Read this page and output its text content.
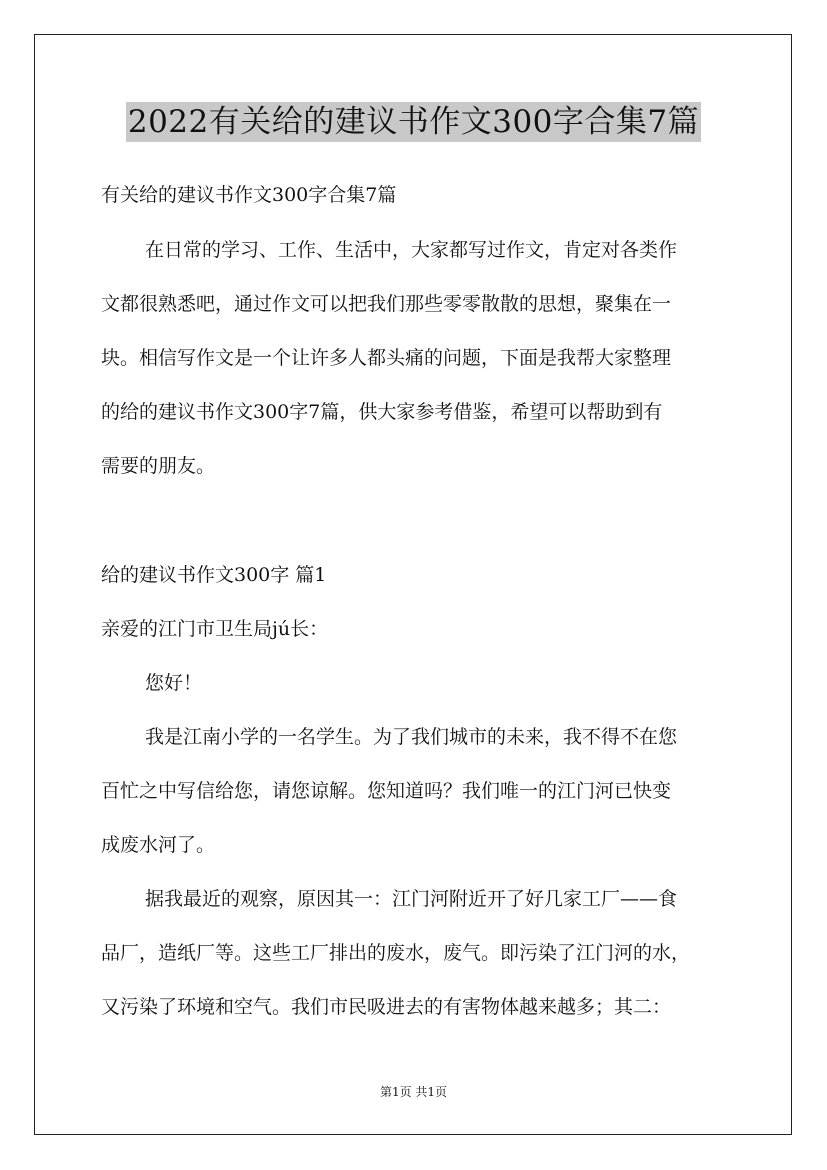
2022有关给的建议书作文300字合集7篇
有关给的建议书作文300字合集7篇
在日常的学习、工作、生活中，大家都写过作文，肯定对各类作
文都很熟悉吧，通过作文可以把我们那些零零散散的思想，聚集在一
块。相信写作文是一个让许多人都头痛的问题，下面是我帮大家整理
的给的建议书作文300字7篇，供大家参考借鉴，希望可以帮助到有
需要的朋友。
给的建议书作文300字 篇1
亲爱的江门市卫生局jú长：
您好！
我是江南小学的一名学生。为了我们城市的未来，我不得不在您
百忙之中写信给您，请您谅解。您知道吗？我们唯一的江门河已快变
成废水河了。
据我最近的观察，原因其一：江门河附近开了好几家工厂——食
品厂，造纸厂等。这些工厂排出的废水，废气。即污染了江门河的水，
又污染了环境和空气。我们市民吸进去的有害物体越来越多；其二：
第1页 共1页
